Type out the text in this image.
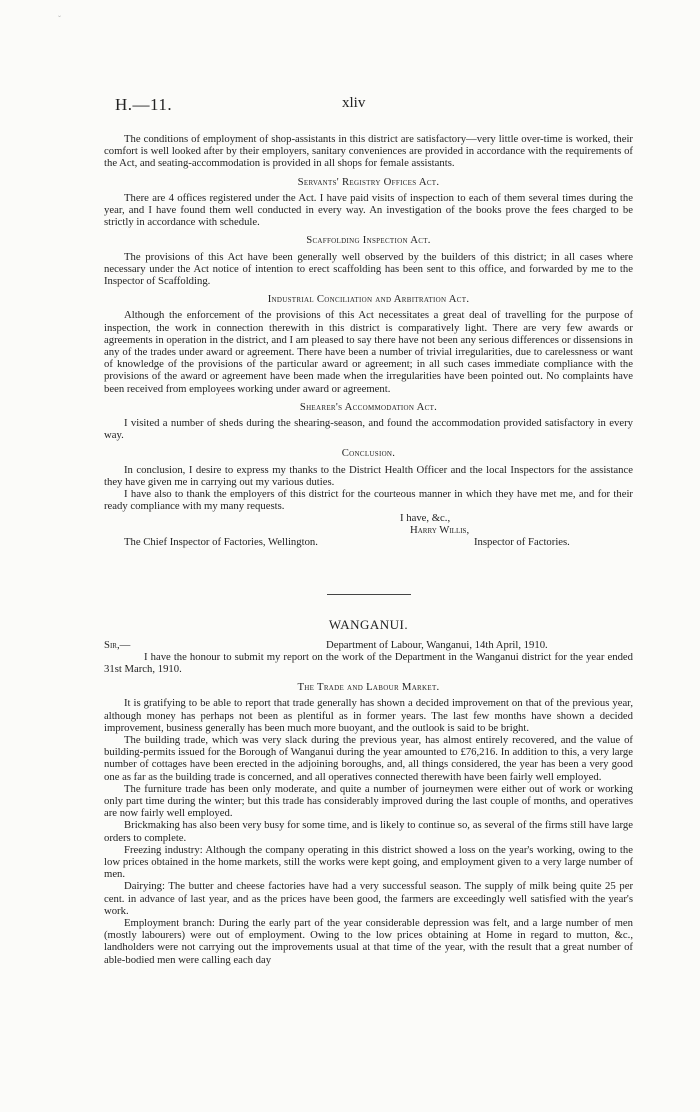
ˇ
H.—11.	xliv

The conditions of employment of shop-assistants in this district are satisfactory—very little over-time is worked, their comfort is well looked after by their employers, sanitary conveniences are provided in accordance with the requirements of the Act, and seating-accommodation is provided in all shops for female assistants.

Servants' Registry Offices Act.

There are 4 offices registered under the Act. I have paid visits of inspection to each of them several times during the year, and I have found them well conducted in every way. An investigation of the books prove the fees charged to be strictly in accordance with schedule.

Scaffolding Inspection Act.

The provisions of this Act have been generally well observed by the builders of this district; in all cases where necessary under the Act notice of intention to erect scaffolding has been sent to this office, and forwarded by me to the Inspector of Scaffolding.

Industrial Conciliation and Arbitration Act.

Although the enforcement of the provisions of this Act necessitates a great deal of travelling for the purpose of inspection, the work in connection therewith in this district is comparatively light. There are very few awards or agreements in operation in the district, and I am pleased to say there have not been any serious differences or dissensions in any of the trades under award or agreement. There have been a number of trivial irregularities, due to carelessness or want of knowledge of the provisions of the particular award or agreement; in all such cases immediate compliance with the provisions of the award or agreement have been made when the irregularities have been pointed out. No complaints have been received from employees working under award or agreement.

Shearer's Accommodation Act.

I visited a number of sheds during the shearing-season, and found the accommodation provided satisfactory in every way.

Conclusion.

In conclusion, I desire to express my thanks to the District Health Officer and the local Inspectors for the assistance they have given me in carrying out my various duties.

I have also to thank the employers of this district for the courteous manner in which they have met me, and for their ready compliance with my many requests.

I have, &c.,
Harry Willis,
The Chief Inspector of Factories, Wellington.	Inspector of Factories.
WANGANUI.
Sir,—	Department of Labour, Wanganui, 14th April, 1910.

I have the honour to submit my report on the work of the Department in the Wanganui district for the year ended 31st March, 1910.

The Trade and Labour Market.

It is gratifying to be able to report that trade generally has shown a decided improvement on that of the previous year, although money has perhaps not been as plentiful as in former years. The last few months have shown a decided improvement, business generally has been much more buoyant, and the outlook is said to be bright.

The building trade, which was very slack during the previous year, has almost entirely recovered, and the value of building-permits issued for the Borough of Wanganui during the year amounted to £76,216. In addition to this, a very large number of cottages have been erected in the adjoining boroughs, and, all things considered, the year has been a very good one as far as the building trade is concerned, and all operatives connected therewith have been fairly well employed.

The furniture trade has been only moderate, and quite a number of journeymen were either out of work or working only part time during the winter; but this trade has considerably improved during the last couple of months, and operatives are now fairly well employed.

Brickmaking has also been very busy for some time, and is likely to continue so, as several of the firms still have large orders to complete.

Freezing industry: Although the company operating in this district showed a loss on the year's working, owing to the low prices obtained in the home markets, still the works were kept going, and employment given to a very large number of men.

Dairying: The butter and cheese factories have had a very successful season. The supply of milk being quite 25 per cent. in advance of last year, and as the prices have been good, the farmers are exceedingly well satisfied with the year's work.

Employment branch: During the early part of the year considerable depression was felt, and a large number of men (mostly labourers) were out of employment. Owing to the low prices obtaining at Home in regard to mutton, &c., landholders were not carrying out the improvements usual at that time of the year, with the result that a great number of able-bodied men were calling each day
